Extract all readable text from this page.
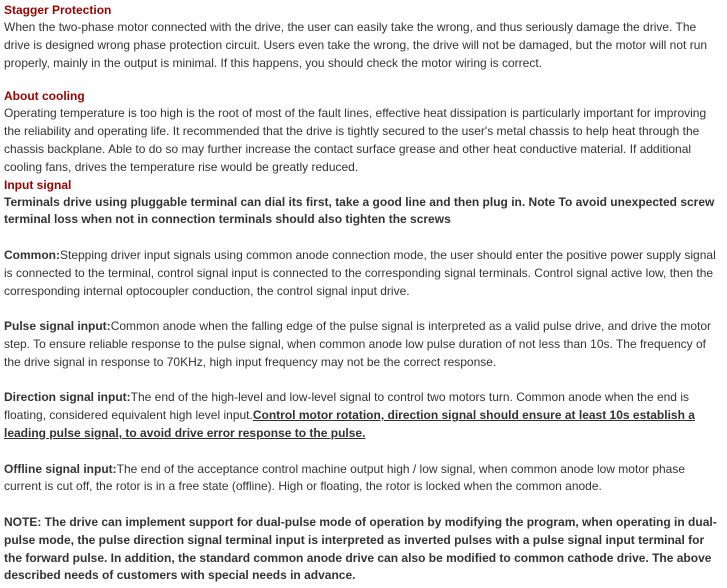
Stagger Protection
When the two-phase motor connected with the drive, the user can easily take the wrong, and thus seriously damage the drive. The drive is designed wrong phase protection circuit. Users even take the wrong, the drive will not be damaged, but the motor will not run properly, mainly in the output is minimal. If this happens, you should check the motor wiring is correct.
About cooling
Operating temperature is too high is the root of most of the fault lines, effective heat dissipation is particularly important for improving the reliability and operating life. It recommended that the drive is tightly secured to the user's metal chassis to help heat through the chassis backplane. Able to do so may further increase the contact surface grease and other heat conductive material. If additional cooling fans, drives the temperature rise would be greatly reduced.
Input signal
Terminals drive using pluggable terminal can dial its first, take a good line and then plug in. Note To avoid unexpected screw terminal loss when not in connection terminals should also tighten the screws
Common:Stepping driver input signals using common anode connection mode, the user should enter the positive power supply signal is connected to the terminal, control signal input is connected to the corresponding signal terminals. Control signal active low, then the corresponding internal optocoupler conduction, the control signal input drive.
Pulse signal input:Common anode when the falling edge of the pulse signal is interpreted as a valid pulse drive, and drive the motor step. To ensure reliable response to the pulse signal, when common anode low pulse duration of not less than 10s. The frequency of the drive signal in response to 70KHz, high input frequency may not be the correct response.
Direction signal input:The end of the high-level and low-level signal to control two motors turn. Common anode when the end is floating, considered equivalent high level input.Control motor rotation, direction signal should ensure at least 10s establish a leading pulse signal, to avoid drive error response to the pulse.
Offline signal input:The end of the acceptance control machine output high / low signal, when common anode low motor phase current is cut off, the rotor is in a free state (offline). High or floating, the rotor is locked when the common anode.
NOTE: The drive can implement support for dual-pulse mode of operation by modifying the program, when operating in dual-pulse mode, the pulse direction signal terminal input is interpreted as inverted pulses with a pulse signal input terminal for the forward pulse. In addition, the standard common anode drive can also be modified to common cathode drive. The above described needs of customers with special needs in advance.
